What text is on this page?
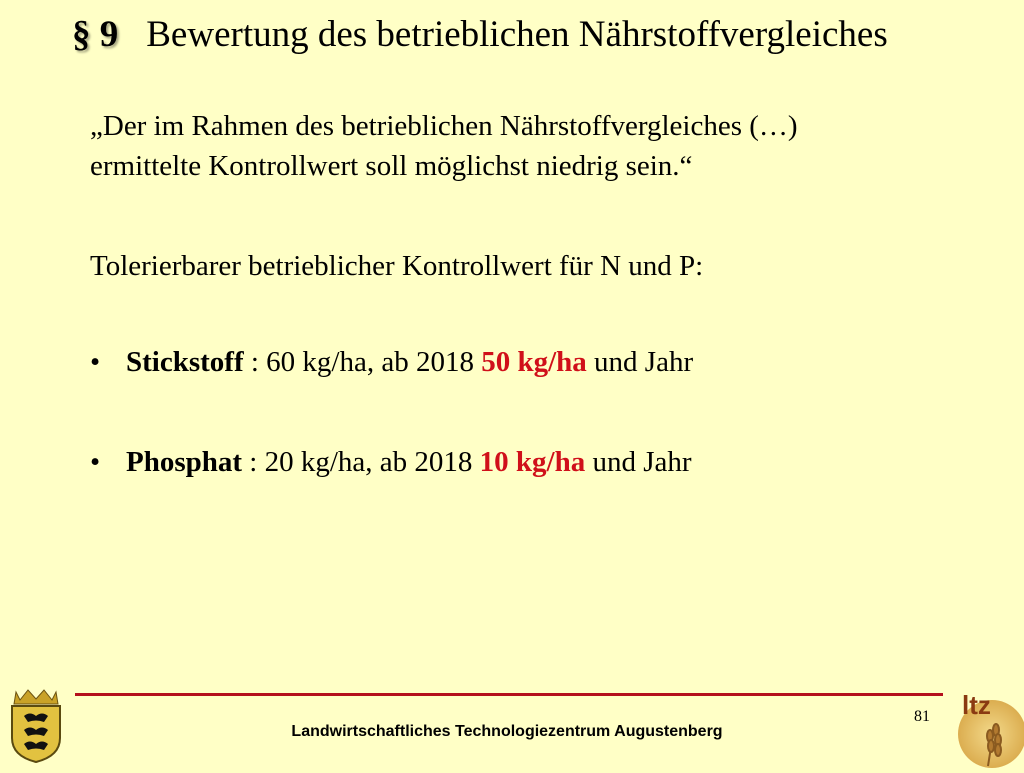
§ 9 Bewertung des betrieblichen Nährstoffvergleiches
„Der im Rahmen des betrieblichen Nährstoffvergleiches (…)
ermittelte Kontrollwert soll möglichst niedrig sein.“
Tolerierbarer betrieblicher Kontrollwert für N und P:
• Stickstoff : 60 kg/ha, ab 2018 50 kg/ha und Jahr
• Phosphat : 20 kg/ha, ab 2018 10 kg/ha und Jahr
81
Landwirtschaftliches Technologiezentrum Augustenberg
ltz
